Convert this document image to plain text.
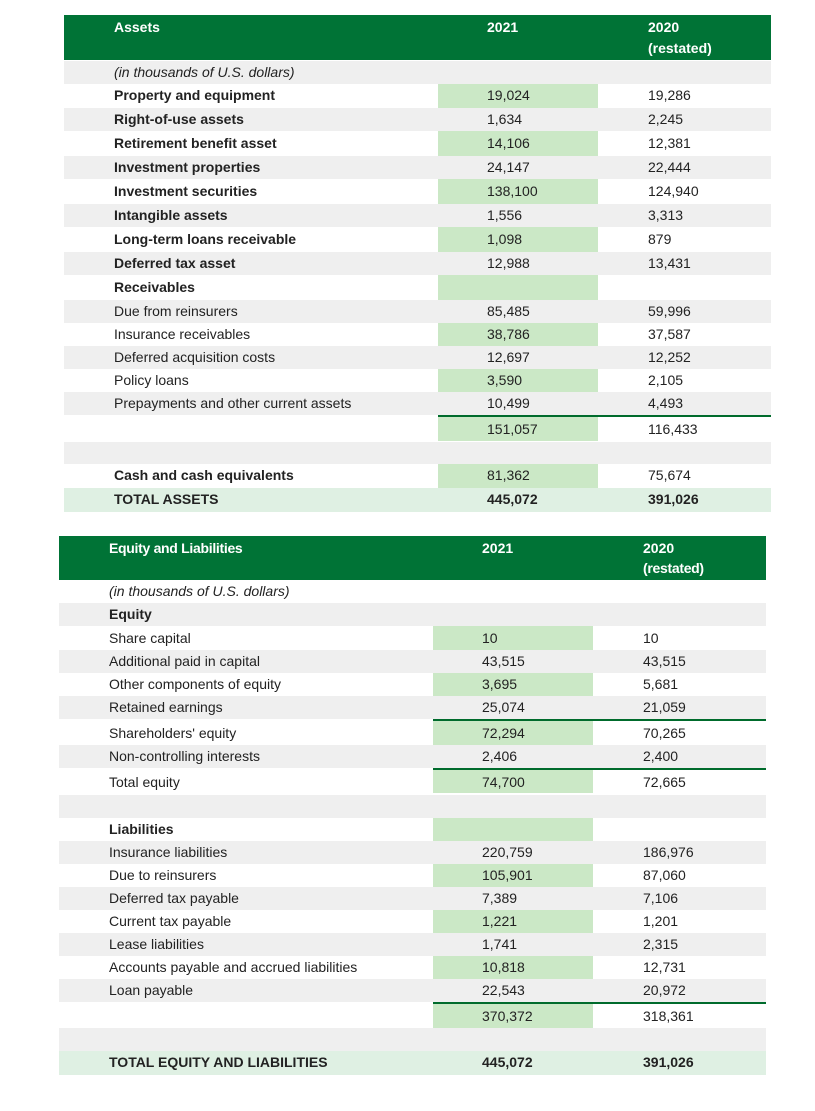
Assets	2021	2020
(restated)
(in thousands of U.S. dollars)
Property and equipment	19,024	19,286
Right-of-use assets	1,634	2,245
Retirement benefit asset	14,106	12,381
Investment properties	24,147	22,444
Investment securities	138,100	124,940
Intangible assets	1,556	3,313
Long-term loans receivable	1,098	879
Deferred tax asset	12,988	13,431
Receivables
Due from reinsurers	85,485	59,996
Insurance receivables	38,786	37,587
Deferred acquisition costs	12,697	12,252
Policy loans	3,590	2,105
Prepayments and other current assets	10,499	4,493
151,057	116,433
Cash and cash equivalents	81,362	75,674
TOTAL ASSETS	445,072	391,026
Equity and Liabilities	2021	2020
(restated)
(in thousands of U.S. dollars)
Equity
Share capital	10	10
Additional paid in capital	43,515	43,515
Other components of equity	3,695	5,681
Retained earnings	25,074	21,059
Shareholders' equity	72,294	70,265
Non-controlling interests	2,406	2,400
Total equity	74,700	72,665
Liabilities
Insurance liabilities	220,759	186,976
Due to reinsurers	105,901	87,060
Deferred tax payable	7,389	7,106
Current tax payable	1,221	1,201
Lease liabilities	1,741	2,315
Accounts payable and accrued liabilities	10,818	12,731
Loan payable	22,543	20,972
370,372	318,361
TOTAL EQUITY AND LIABILITIES	445,072	391,026
